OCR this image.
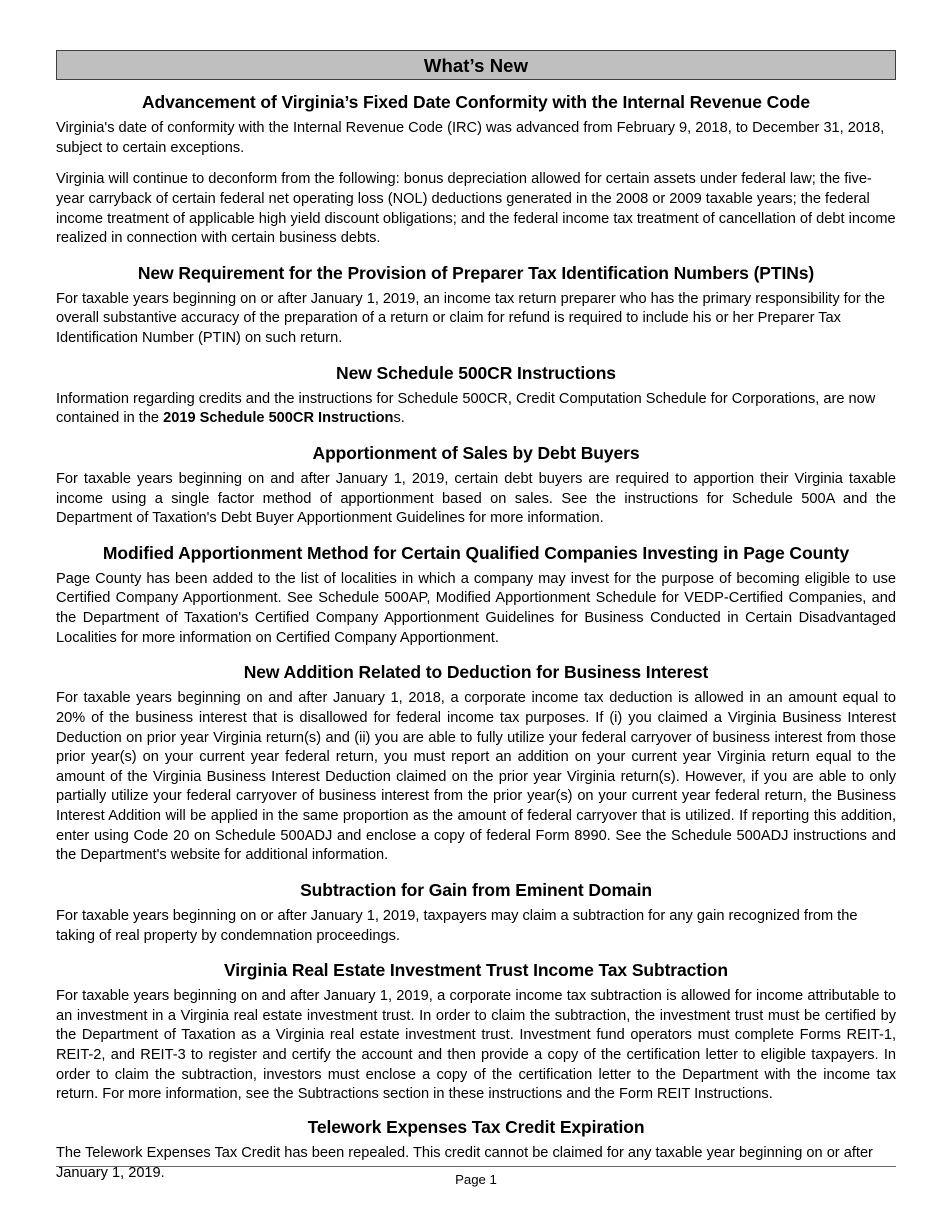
What’s New
Advancement of Virginia’s Fixed Date Conformity with the Internal Revenue Code

Virginia's date of conformity with the Internal Revenue Code (IRC) was advanced from February 9, 2018, to December 31, 2018, subject to certain exceptions.

Virginia will continue to deconform from the following: bonus depreciation allowed for certain assets under federal law; the five-year carryback of certain federal net operating loss (NOL) deductions generated in the 2008 or 2009 taxable years; the federal income treatment of applicable high yield discount obligations; and the federal income tax treatment of cancellation of debt income realized in connection with certain business debts.

New Requirement for the Provision of Preparer Tax Identification Numbers (PTINs)

For taxable years beginning on or after January 1, 2019, an income tax return preparer who has the primary responsibility for the overall substantive accuracy of the preparation of a return or claim for refund is required to include his or her Preparer Tax Identification Number (PTIN) on such return.

New Schedule 500CR Instructions

Information regarding credits and the instructions for Schedule 500CR, Credit Computation Schedule for Corporations, are now contained in the 2019 Schedule 500CR Instructions.

Apportionment of Sales by Debt Buyers

For taxable years beginning on and after January 1, 2019, certain debt buyers are required to apportion their Virginia taxable income using a single factor method of apportionment based on sales. See the instructions for Schedule 500A and the Department of Taxation's Debt Buyer Apportionment Guidelines for more information.

Modified Apportionment Method for Certain Qualified Companies Investing in Page County

Page County has been added to the list of localities in which a company may invest for the purpose of becoming eligible to use Certified Company Apportionment. See Schedule 500AP, Modified Apportionment Schedule for VEDP-Certified Companies, and the Department of Taxation's Certified Company Apportionment Guidelines for Business Conducted in Certain Disadvantaged Localities for more information on Certified Company Apportionment.

New Addition Related to Deduction for Business Interest

For taxable years beginning on and after January 1, 2018, a corporate income tax deduction is allowed in an amount equal to 20% of the business interest that is disallowed for federal income tax purposes. If (i) you claimed a Virginia Business Interest Deduction on prior year Virginia return(s) and (ii) you are able to fully utilize your federal carryover of business interest from those prior year(s) on your current year federal return, you must report an addition on your current year Virginia return equal to the amount of the Virginia Business Interest Deduction claimed on the prior year Virginia return(s). However, if you are able to only partially utilize your federal carryover of business interest from the prior year(s) on your current year federal return, the Business Interest Addition will be applied in the same proportion as the amount of federal carryover that is utilized. If reporting this addition, enter using Code 20 on Schedule 500ADJ and enclose a copy of federal Form 8990. See the Schedule 500ADJ instructions and the Department's website for additional information.

Subtraction for Gain from Eminent Domain

For taxable years beginning on or after January 1, 2019, taxpayers may claim a subtraction for any gain recognized from the taking of real property by condemnation proceedings.

Virginia Real Estate Investment Trust Income Tax Subtraction

For taxable years beginning on and after January 1, 2019, a corporate income tax subtraction is allowed for income attributable to an investment in a Virginia real estate investment trust. In order to claim the subtraction, the investment trust must be certified by the Department of Taxation as a Virginia real estate investment trust. Investment fund operators must complete Forms REIT-1, REIT-2, and REIT-3 to register and certify the account and then provide a copy of the certification letter to eligible taxpayers. In order to claim the subtraction, investors must enclose a copy of the certification letter to the Department with the income tax return. For more information, see the Subtractions section in these instructions and the Form REIT Instructions.

Telework Expenses Tax Credit Expiration

The Telework Expenses Tax Credit has been repealed. This credit cannot be claimed for any taxable year beginning on or after January 1, 2019.	Page 1
